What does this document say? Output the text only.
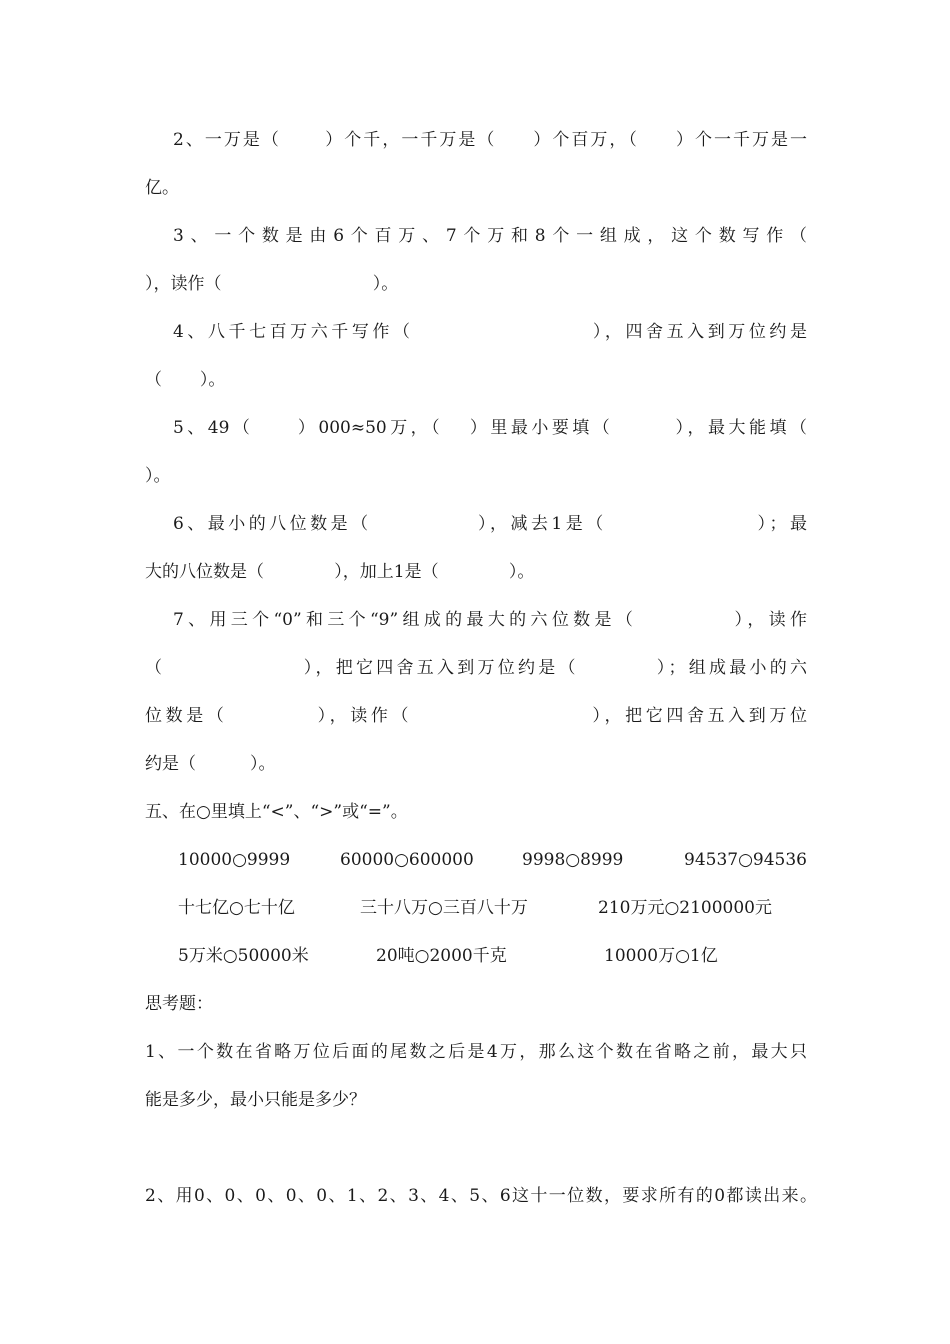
2、一万是（      ）个千，一千万是（     ）个百万，（     ）个一千万是一
亿。
3、一个数是由6个百万、7个万和8个一组成，这个数写作（
），读作（                            ）。
4、八千七百万六千写作（                    ），四舍五入到万位约是
（       ）。
5、49（     ）000≈50万，（   ）里最小要填（       ），最大能填（
）。
6、最小的八位数是（            ），减去1是（                 ）；最
大的八位数是（             ），加上1是（             ）。
7、用三个“0”和三个“9”组成的最大的六位数是（          ），读作
（                ），把它四舍五入到万位约是（         ）；组成最小的六
位数是（          ），读作（                    ），把它四舍五入到万位
约是（          ）。
五、在○里填上“<”、“>”或“=”。
10000○9999	60000○600000	9998○8999	94537○94536
十七亿○七十亿	三十八万○三百八十万	210万元○2100000元
5万米○50000米	20吨○2000千克	10000万○1亿
思考题：
1、一个数在省略万位后面的尾数之后是4万，那么这个数在省略之前，最大只
能是多少，最小只能是多少？
2、用0、0、0、0、0、1、2、3、4、5、6这十一位数，要求所有的0都读出来。
